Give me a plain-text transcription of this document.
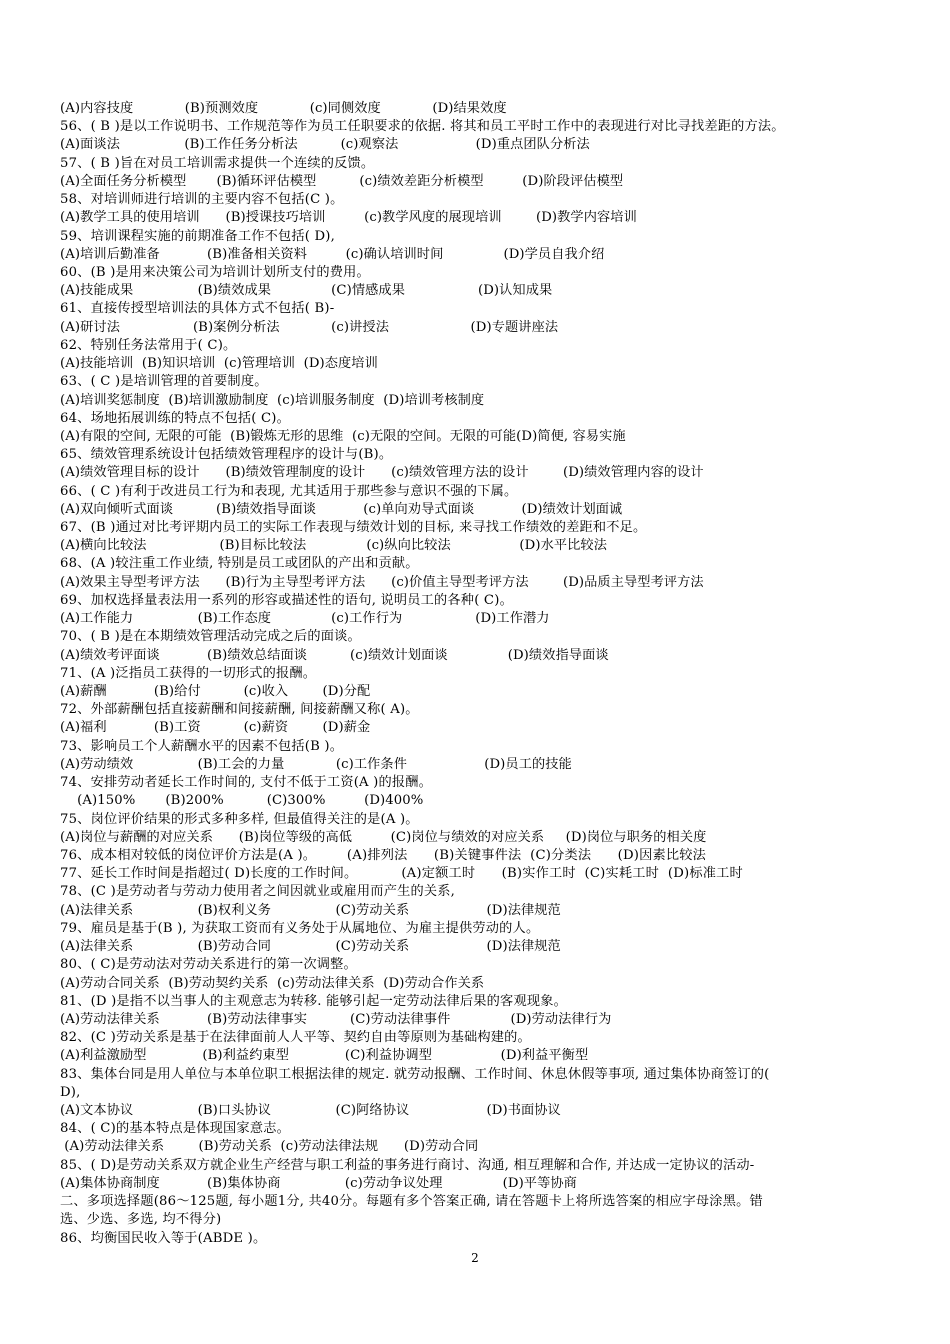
(A)内容技度            (B)预测效度            (c)同侧效度            (D)结果效度
56、( B )是以工作说明书、工作规范等作为员工任职要求的依据. 将其和员工平时工作中的表现进行对比寻找差距的方法。
(A)面谈法               (B)工作任务分析法          (c)观察法                  (D)重点团队分析法
57、( B )旨在对员工培训需求提供一个连续的反馈。
(A)全面任务分析模型       (B)循环评估模型          (c)绩效差距分析模型         (D)阶段评估模型
58、对培训师进行培训的主要内容不包括(C )。
(A)教学工具的使用培训      (B)授课技巧培训         (c)教学风度的展现培训        (D)教学内容培训
59、培训课程实施的前期准备工作不包括( D),
(A)培训后勤准备           (B)准备相关资料         (c)确认培训时间              (D)学员自我介绍
60、(B )是用来决策公司为培训计划所支付的费用。
(A)技能成果               (B)绩效成果              (C)情感成果                 (D)认知成果
61、直接传授型培训法的具体方式不包括( B)-
(A)研讨法                 (B)案例分析法            (c)讲授法                   (D)专题讲座法
62、特别任务法常用于( C)。
(A)技能培训  (B)知识培训  (c)管理培训  (D)态度培训
63、( C )是培训管理的首要制度。
(A)培训奖惩制度  (B)培训激励制度  (c)培训服务制度  (D)培训考核制度
64、场地拓展训练的特点不包括( C)。
(A)有限的空间, 无限的可能  (B)锻炼无形的思维  (c)无限的空间。无限的可能(D)简便, 容易实施
65、绩效管理系统设计包括绩效管理程序的设计与(B)。
(A)绩效管理目标的设计      (B)绩效管理制度的设计      (c)绩效管理方法的设计        (D)绩效管理内容的设计
66、( C )有利于改进员工行为和表现, 尤其适用于那些参与意识不强的下属。
(A)双向倾听式面谈          (B)绩效指导面谈           (c)单向劝导式面谈           (D)绩效计划面诚
67、(B )通过对比考评期内员工的实际工作表现与绩效计划的目标, 来寻找工作绩效的差距和不足。
(A)横向比较法                 (B)目标比较法              (c)纵向比较法                (D)水平比较法
68、(A )较注重工作业绩, 特别是员工或团队的产出和贡献。
(A)效果主导型考评方法      (B)行为主导型考评方法      (c)价值主导型考评方法        (D)品质主导型考评方法
69、加权选择量表法用一系列的形容或描述性的语句, 说明员工的各种( C)。
(A)工作能力               (B)工作态度              (c)工作行为                 (D)工作潜力
70、( B )是在本期绩效管理活动完成之后的面谈。
(A)绩效考评面谈           (B)绩效总结面谈          (c)绩效计划面谈              (D)绩效指导面谈
71、(A )泛指员工获得的一切形式的报酬。
(A)薪酬           (B)给付          (c)收入        (D)分配
72、外部薪酬包括直接薪酬和间接薪酬, 间接薪酬又称( A)。
(A)福利           (B)工资          (c)薪资        (D)薪金
73、影响员工个人薪酬水平的因素不包括(B )。
(A)劳动绩效               (B)工会的力量            (c)工作条件                  (D)员工的技能
74、安排劳动者延长工作时间的, 支付不低于工资(A )的报酬。
(A)150%       (B)200%          (C)300%         (D)400%
75、岗位评价结果的形式多种多样, 但最值得关注的是(A )。
(A)岗位与薪酬的对应关系      (B)岗位等级的高低         (C)岗位与绩效的对应关系     (D)岗位与职务的相关度
76、成本相对较低的岗位评价方法是(A )。       (A)排列法      (B)关键事件法  (C)分类法      (D)因素比较法
77、延长工作时间是指超过( D)长度的工作时间。          (A)定额工时      (B)实作工时  (C)实耗工时  (D)标准工时
78、(C )是劳动者与劳动力使用者之间因就业或雇用而产生的关系,
(A)法律关系               (B)权利义务               (C)劳动关系                  (D)法律规范
79、雇员是基于(B ), 为获取工资而有义务处于从属地位、为雇主提供劳动的人。
(A)法律关系               (B)劳动合同               (C)劳动关系                  (D)法律规范
80、( C)是劳动法对劳动关系进行的第一次调整。
(A)劳动合同关系  (B)劳动契约关系  (c)劳动法律关系  (D)劳动合作关系
81、(D )是指不以当事人的主观意志为转移. 能够引起一定劳动法律后果的客观现象。
(A)劳动法律关系           (B)劳动法律事实          (C)劳动法律事件              (D)劳动法律行为
82、(C )劳动关系是基于在法律面前人人平等、契约自由等原则为基础构建的。
(A)利益激励型             (B)利益约東型             (C)利益协调型                (D)利益平衡型
83、集体台同是用人单位与本单位职工根据法律的规定. 就劳动报酬、工作时间、休息休假等事项, 通过集体协商签订的(
D),
(A)文本协议               (B)口头协议               (C)阿络协议                  (D)书面协议
84、( C)的基本特点是体现国家意志。
(A)劳动法律关系        (B)劳动关系  (c)劳动法律法规      (D)劳动合同
85、( D)是劳动关系双方就企业生产经营与职工利益的事务进行商讨、沟通, 相互理解和合作, 并达成一定协议的活动-
(A)集体协商制度           (B)集体协商               (c)劳动争议处理              (D)平等协商
二、多项选择题(86～125题, 每小题1分, 共40分。每题有多个答案正确, 请在答题卡上将所选答案的相应字母涂黑。错
选、少选、多选, 均不得分)
86、均衡国民收入等于(ABDE )。
2
